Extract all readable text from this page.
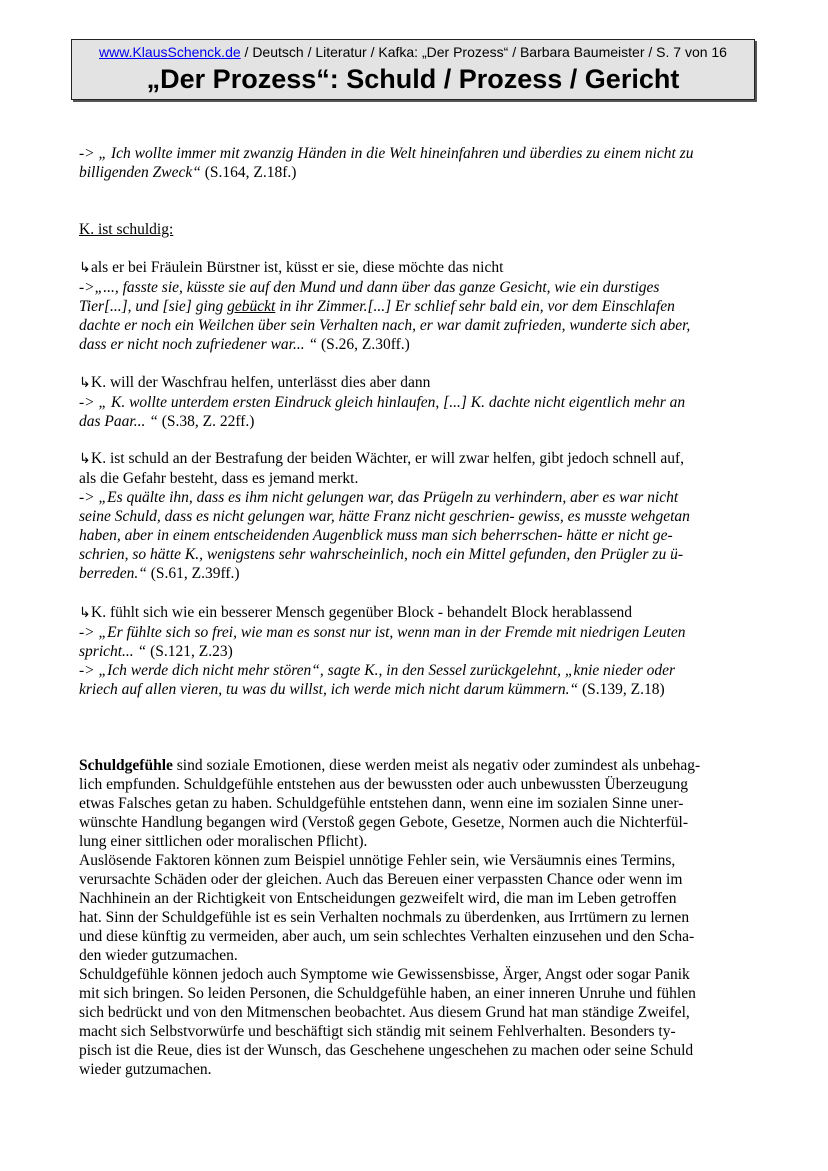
www.KlausSchenck.de / Deutsch / Literatur / Kafka: „Der Prozess“ / Barbara Baumeister / S. 7 von 16
„Der Prozess“: Schuld / Prozess / Gericht
-> „ Ich wollte immer mit zwanzig Händen in die Welt hineinfahren und überdies zu einem nicht zu
billigenden Zweck“ (S.164, Z.18f.)
K. ist schuldig:
↳als er bei Fräulein Bürstner ist, küsst er sie, diese möchte das nicht
->„..., fasste sie, küsste sie auf den Mund und dann über das ganze Gesicht, wie ein durstiges
Tier[...], und [sie] ging gebückt in ihr Zimmer.[...] Er schlief sehr bald ein, vor dem Einschlafen
dachte er noch ein Weilchen über sein Verhalten nach, er war damit zufrieden, wunderte sich aber,
dass er nicht noch zufriedener war... “ (S.26, Z.30ff.)
↳K. will der Waschfrau helfen, unterlässt dies aber dann
-> „ K. wollte unterdem ersten Eindruck gleich hinlaufen, [...] K. dachte nicht eigentlich mehr an
das Paar... “ (S.38, Z. 22ff.)
↳K. ist schuld an der Bestrafung der beiden Wächter, er will zwar helfen, gibt jedoch schnell auf,
als die Gefahr besteht, dass es jemand merkt.
-> „Es quälte ihn, dass es ihm nicht gelungen war, das Prügeln zu verhindern, aber es war nicht
seine Schuld, dass es nicht gelungen war, hätte Franz nicht geschrien- gewiss, es musste wehgetan
haben, aber in einem entscheidenden Augenblick muss man sich beherrschen- hätte er nicht ge-
schrien, so hätte K., wenigstens sehr wahrscheinlich, noch ein Mittel gefunden, den Prügler zu ü-
berreden.“ (S.61, Z.39ff.)
↳K. fühlt sich wie ein besserer Mensch gegenüber Block - behandelt Block herablassend
-> „Er fühlte sich so frei, wie man es sonst nur ist, wenn man in der Fremde mit niedrigen Leuten
spricht... “ (S.121, Z.23)
-> „Ich werde dich nicht mehr stören“, sagte K., in den Sessel zurückgelehnt, „knie nieder oder
kriech auf allen vieren, tu was du willst, ich werde mich nicht darum kümmern.“ (S.139, Z.18)
Schuldgefühle sind soziale Emotionen, diese werden meist als negativ oder zumindest als unbehag-
lich empfunden. Schuldgefühle entstehen aus der bewussten oder auch unbewussten Überzeugung
etwas Falsches getan zu haben. Schuldgefühle entstehen dann, wenn eine im sozialen Sinne uner-
wünschte Handlung begangen wird (Verstoß gegen Gebote, Gesetze, Normen auch die Nichterfül-
lung einer sittlichen oder moralischen Pflicht).
Auslösende Faktoren können zum Beispiel unnötige Fehler sein, wie Versäumnis eines Termins,
verursachte Schäden oder der gleichen. Auch das Bereuen einer verpassten Chance oder wenn im
Nachhinein an der Richtigkeit von Entscheidungen gezweifelt wird, die man im Leben getroffen
hat. Sinn der Schuldgefühle ist es sein Verhalten nochmals zu überdenken, aus Irrtümern zu lernen
und diese künftig zu vermeiden, aber auch, um sein schlechtes Verhalten einzusehen und den Scha-
den wieder gutzumachen.
Schuldgefühle können jedoch auch Symptome wie Gewissensbisse, Ärger, Angst oder sogar Panik
mit sich bringen. So leiden Personen, die Schuldgefühle haben, an einer inneren Unruhe und fühlen
sich bedrückt und von den Mitmenschen beobachtet. Aus diesem Grund hat man ständige Zweifel,
macht sich Selbstvorwürfe und beschäftigt sich ständig mit seinem Fehlverhalten. Besonders ty-
pisch ist die Reue, dies ist der Wunsch, das Geschehene ungeschehen zu machen oder seine Schuld
wieder gutzumachen.
